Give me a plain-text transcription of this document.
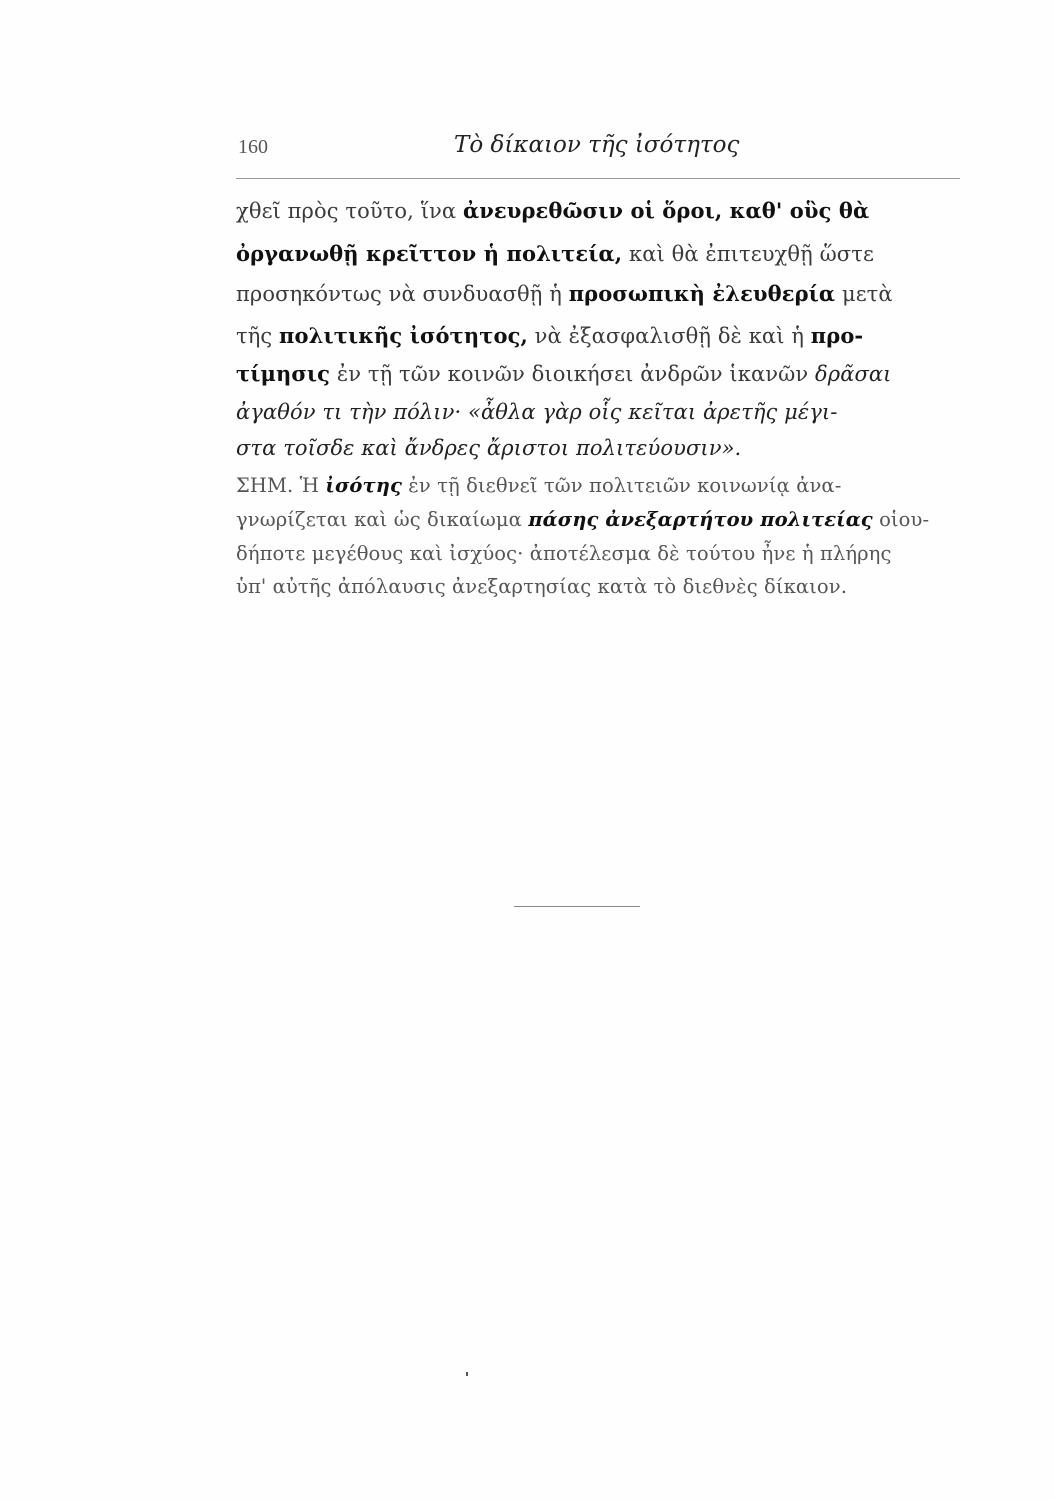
160	Τὸ δίκαιον τῆς ἰσότητος
χθεῖ πρὸς τοῦτο, ἵνα ἀνευρεθῶσιν οἱ ὅροι, καθ' οὓς θὰ
ὀργανωθῇ κρεῖττον ἡ πολιτεία, καὶ θὰ ἐπιτευχθῇ ὥστε
προσηκόντως νὰ συνδυασθῇ ἡ προσωπικὴ ἐλευθερία μετὰ
τῆς πολιτικῆς ἰσότητος, νὰ ἐξασφαλισθῇ δὲ καὶ ἡ προ-
τίμησις ἐν τῇ τῶν κοινῶν διοικήσει ἀνδρῶν ἱκανῶν δρᾶσαι
ἀγαθόν τι τὴν πόλιν· «ἆθλα γὰρ οἷς κεῖται ἀρετῆς μέγι-
στα τοῖσδε καὶ ἄνδρες ἄριστοι πολιτεύουσιν».
ΣΗΜ. Ἡ ἰσότης ἐν τῇ διεθνεῖ τῶν πολιτειῶν κοινωνίᾳ ἀνα-
γνωρίζεται καὶ ὡς δικαίωμα πάσης ἀνεξαρτήτου πολιτείας οἱου-
δήποτε μεγέθους καὶ ἰσχύος· ἀποτέλεσμα δὲ τούτου ἦνε ἡ πλήρης
ὑπ' αὐτῆς ἀπόλαυσις ἀνεξαρτησίας κατὰ τὸ διεθνὲς δίκαιον.
